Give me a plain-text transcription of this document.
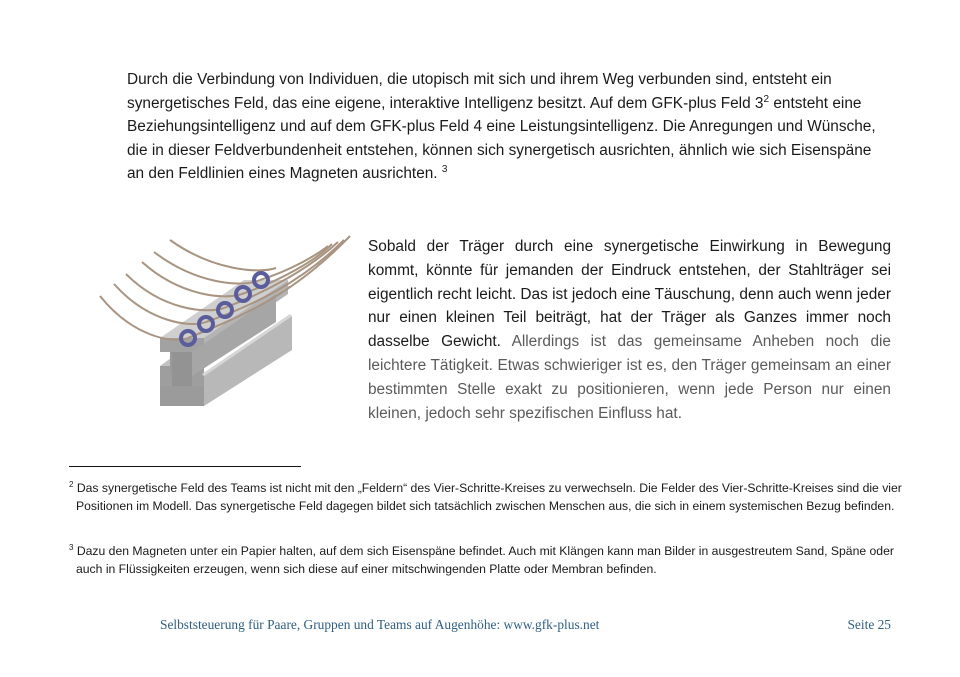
Durch die Verbindung von Individuen, die utopisch mit sich und ihrem Weg verbunden sind, entsteht ein synergetisches Feld, das eine eigene, interaktive Intelligenz besitzt. Auf dem GFK-plus Feld $3^2$ entsteht eine Beziehungsintelligenz und auf dem GFK-plus Feld 4 eine Leistungsintelligenz. Die Anregungen und Wünsche, die in dieser Feldverbundenheit entstehen, können sich synergetisch ausrichten, ähnlich wie sich Eisenspäne an den Feldlinien eines Magneten ausrichten. $^3$

Sobald der Träger durch eine synergetische Einwirkung in Bewegung kommt, könnte für jemanden der Eindruck entstehen, der Stahlträger sei eigentlich recht leicht. Das ist jedoch eine Täuschung, denn auch wenn jeder nur einen kleinen Teil beiträgt, hat der Träger als Ganzes immer noch dasselbe Gewicht. Allerdings ist das gemeinsame Anheben noch die leichtere Tätigkeit. Etwas schwieriger ist es, den Träger gemeinsam an einer bestimmten Stelle exakt zu positionieren, wenn jede Person nur einen kleinen, jedoch sehr spezifischen Einfluss hat.

$^2$ Das synergetische Feld des Teams ist nicht mit den „Feldern“ des Vier-Schritte-Kreises zu verwechseln. Die Felder des Vier-Schritte-Kreises sind die vier Positionen im Modell. Das synergetische Feld dagegen bildet sich tatsächlich zwischen Menschen aus, die sich in einem systemischen Bezug befinden.

$^3$ Dazu den Magneten unter ein Papier halten, auf dem sich Eisenspäne befindet. Auch mit Klängen kann man Bilder in ausgestreutem Sand, Späne oder auch in Flüssigkeiten erzeugen, wenn sich diese auf einer mitschwingenden Platte oder Membran befinden.

Selbststeuerung für Paare, Gruppen und Teams auf Augenhöhe: www.gfk-plus.net	Seite 25
